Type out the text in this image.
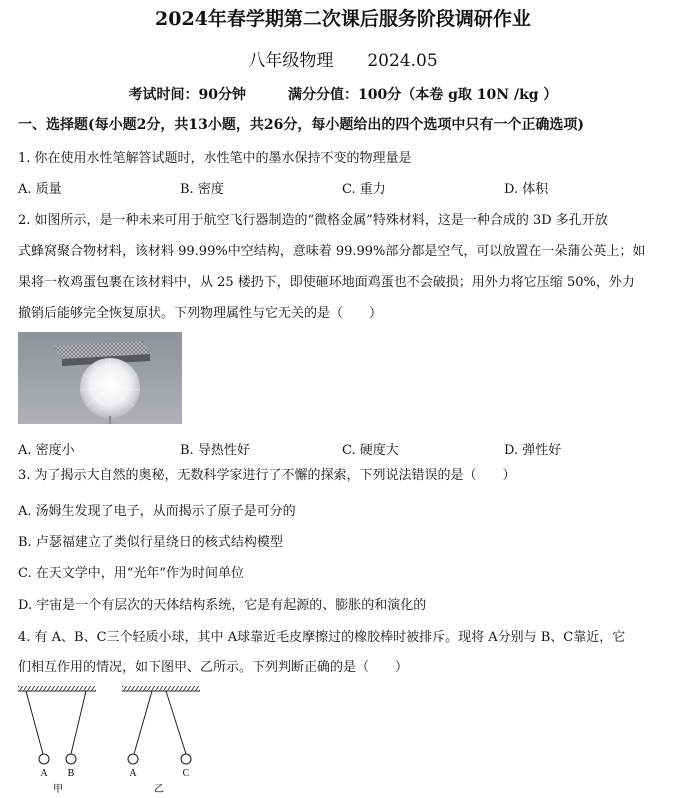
2024年春学期第二次课后服务阶段调研作业
八年级物理　　2024.05
考试时间：90分钟　　　满分分值：100分（本卷 g取 10N /kg ）
一、选择题(每小题2分，共13小题，共26分，每小题给出的四个选项中只有一个正确选项)
1. 你在使用水性笔解答试题时，水性笔中的墨水保持不变的物理量是
A. 质量	B. 密度	C. 重力	D. 体积
2. 如图所示，是一种未来可用于航空飞行器制造的“微格金属”特殊材料，这是一种合成的 3D 多孔开放
式蜂窝聚合物材料，该材料 99.99%中空结构，意味着 99.99%部分都是空气，可以放置在一朵蒲公英上；如
果将一枚鸡蛋包裹在该材料中，从 25 楼扔下，即使砸环地面鸡蛋也不会破损；用外力将它压缩 50%，外力
撤销后能够完全恢复原状。下列物理属性与它无关的是（　　）
A. 密度小	B. 导热性好	C. 硬度大	D. 弹性好
3. 为了揭示大自然的奥秘，无数科学家进行了不懈的探索，下列说法错误的是（　　）
A. 汤姆生发现了电子，从而揭示了原子是可分的
B. 卢瑟福建立了类似行星绕日的核式结构模型
C. 在天文学中，用“光年”作为时间单位
D. 宇宙是一个有层次的天体结构系统，它是有起源的、膨胀的和演化的
4. 有 A、B、C三个轻质小球，其中 A球靠近毛皮摩擦过的橡胶棒时被排斥。现将 A分别与 B、C靠近，它
们相互作用的情况，如下图甲、乙所示。下列判断正确的是（　　）
A B
甲
A	C
乙
